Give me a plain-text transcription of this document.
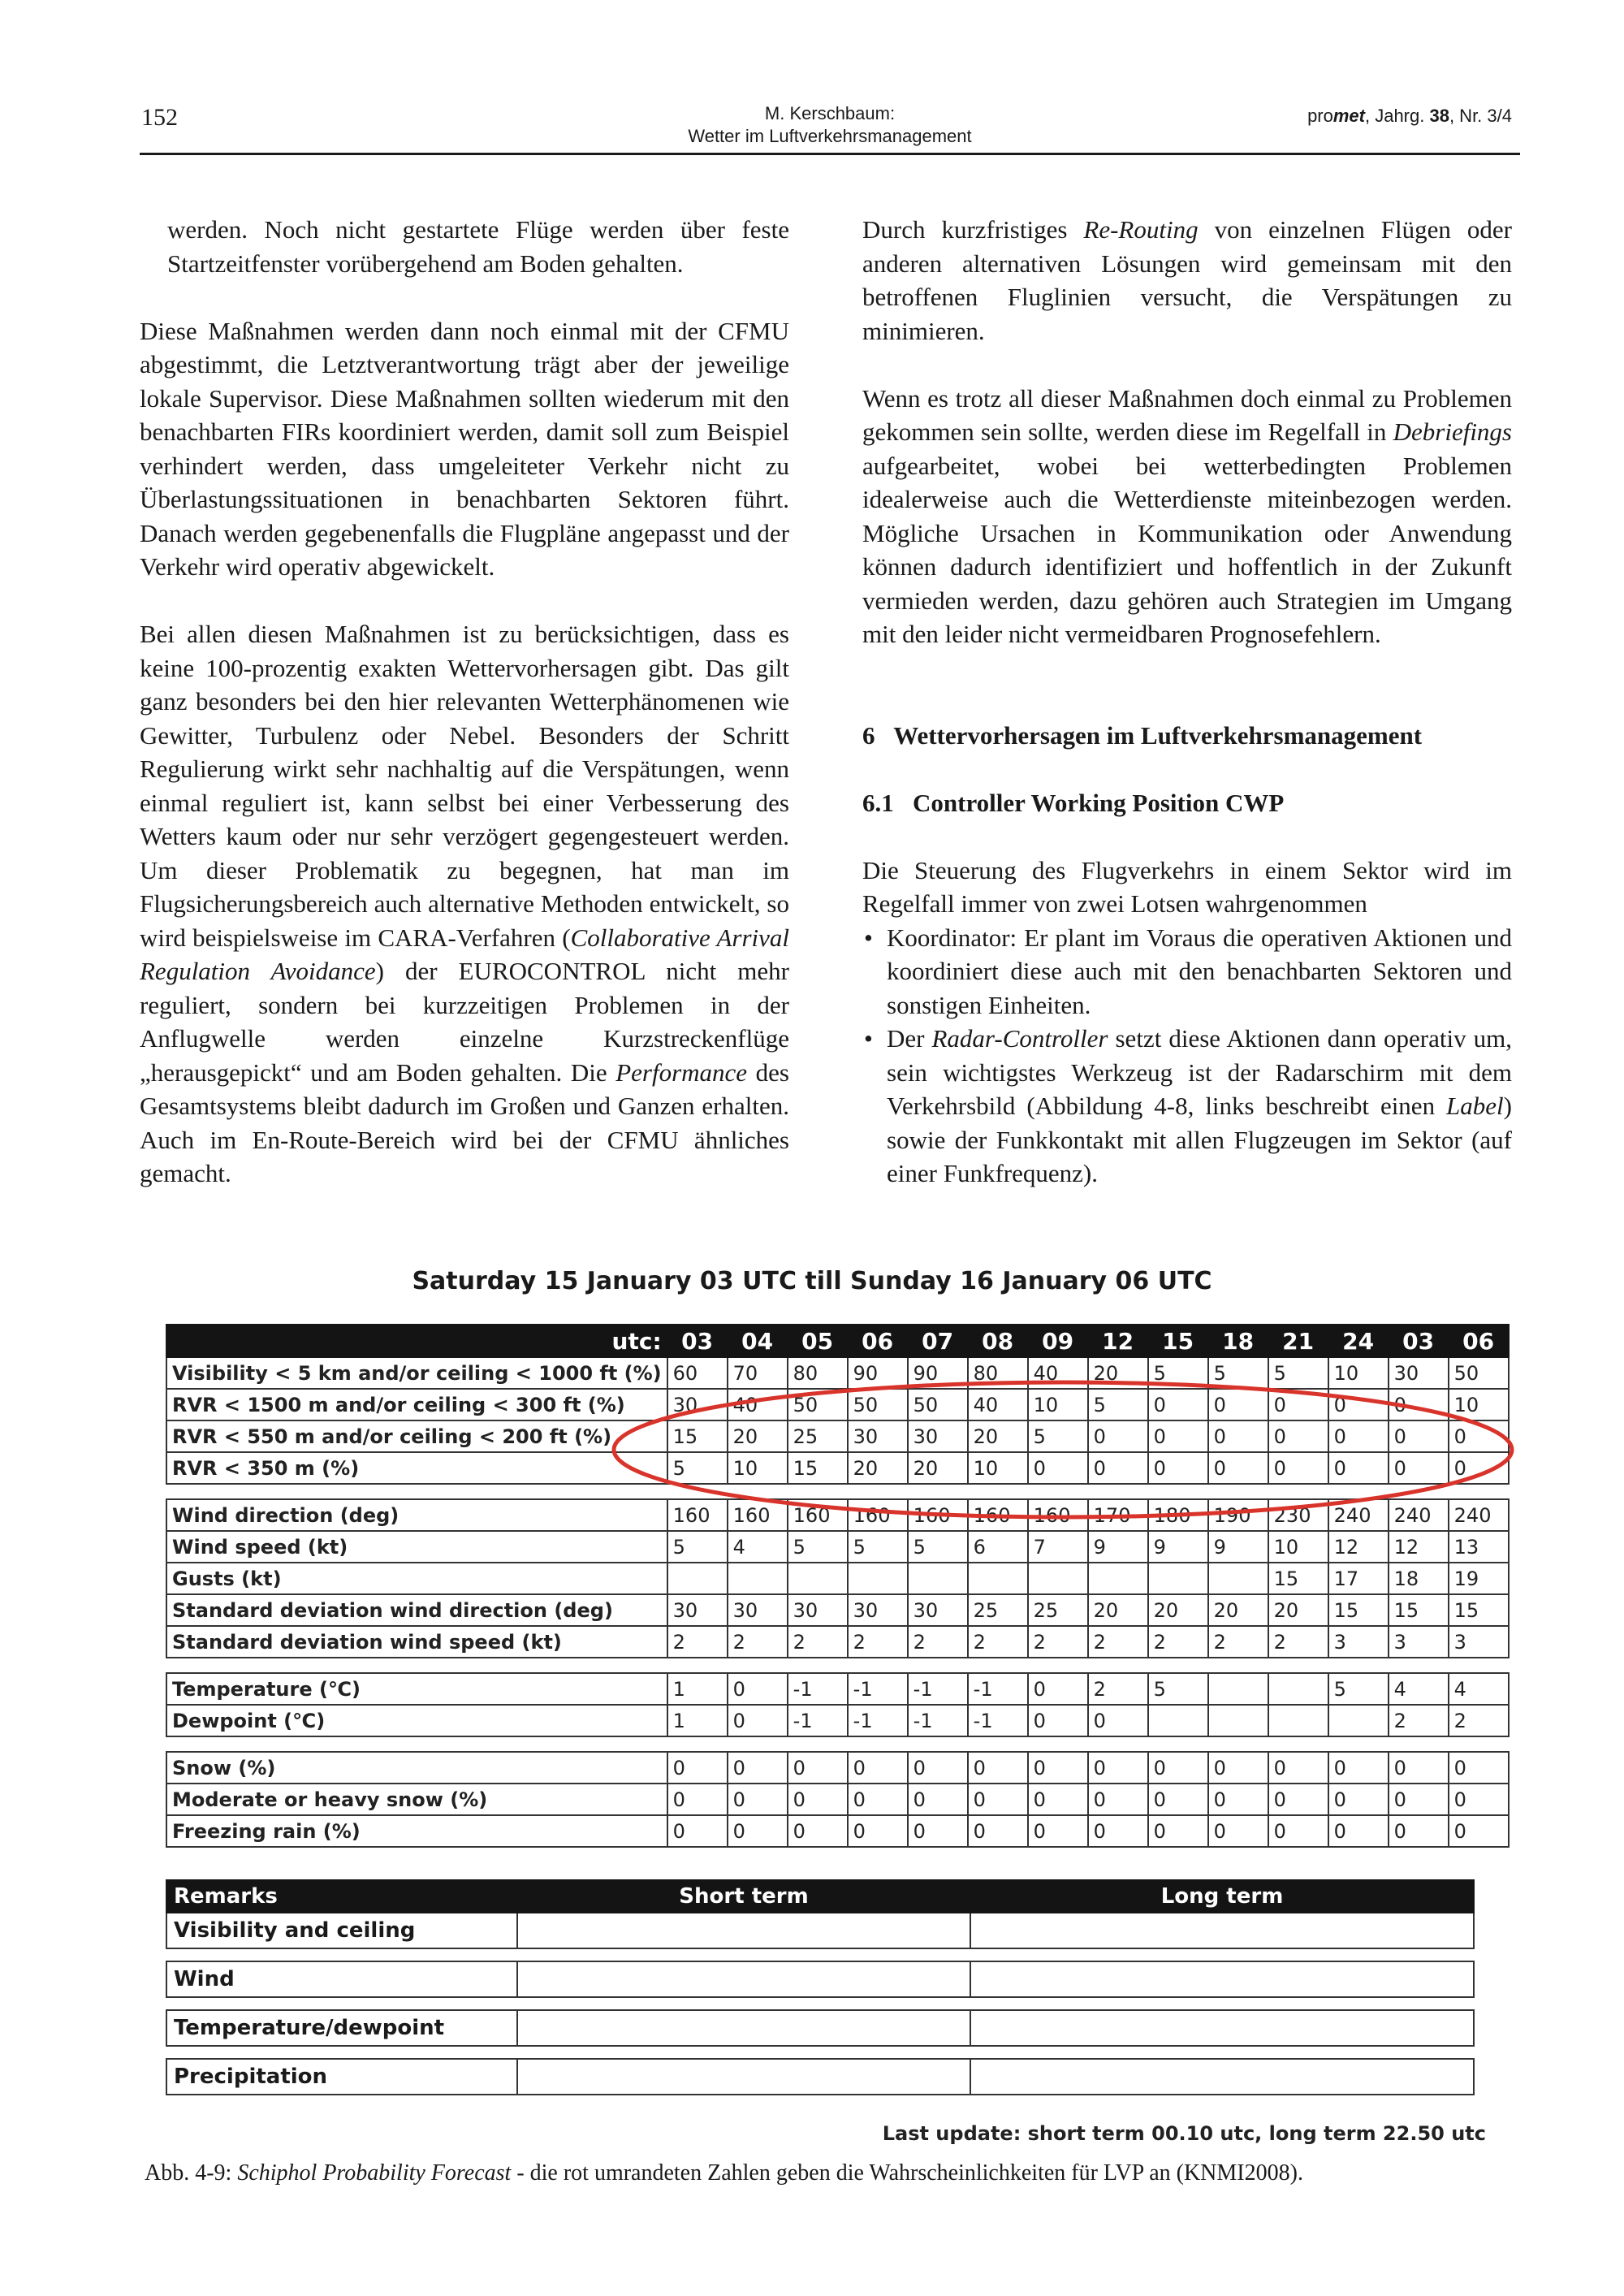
152	M. Kerschbaum:
Wetter im Luftverkehrsmanagement
promet, Jahrg. 38, Nr. 3/4

werden. Noch nicht gestartete Flüge werden über feste Startzeitfenster vorübergehend am Boden gehalten.

Diese Maßnahmen werden dann noch einmal mit der CFMU abgestimmt, die Letztverantwortung trägt aber der jeweilige lokale Supervisor. Diese Maßnahmen sollten wiederum mit den benachbarten FIRs koordiniert werden, damit soll zum Beispiel verhindert werden, dass umgeleiteter Verkehr nicht zu Überlastungssituationen in benachbarten Sektoren führt. Danach werden gegebenenfalls die Flugpläne angepasst und der Verkehr wird operativ abgewickelt.

Bei allen diesen Maßnahmen ist zu berücksichtigen, dass es keine 100-prozentig exakten Wettervorhersagen gibt. Das gilt ganz besonders bei den hier relevanten Wetterphänomenen wie Gewitter, Turbulenz oder Nebel. Besonders der Schritt Regulierung wirkt sehr nachhaltig auf die Verspätungen, wenn einmal reguliert ist, kann selbst bei einer Verbesserung des Wetters kaum oder nur sehr verzögert gegengesteuert werden. Um dieser Problematik zu begegnen, hat man im Flugsicherungsbereich auch alternative Methoden entwickelt, so wird beispielsweise im CARA-Verfahren (Collaborative Arrival Regulation Avoidance) der EUROCONTROL nicht mehr reguliert, sondern bei kurzzeitigen Problemen in der Anflugwelle werden einzelne Kurzstreckenflüge „herausgepickt“ und am Boden gehalten. Die Performance des Gesamtsystems bleibt dadurch im Großen und Ganzen erhalten. Auch im En-Route-Bereich wird bei der CFMU ähnliches gemacht.

Durch kurzfristiges Re-Routing von einzelnen Flügen oder anderen alternativen Lösungen wird gemeinsam mit den betroffenen Fluglinien versucht, die Verspätungen zu minimieren.

Wenn es trotz all dieser Maßnahmen doch einmal zu Problemen gekommen sein sollte, werden diese im Regelfall in Debriefings aufgearbeitet, wobei bei wetterbedingten Problemen idealerweise auch die Wetterdienste miteinbezogen werden. Mögliche Ursachen in Kommunikation oder Anwendung können dadurch identifiziert und hoffentlich in der Zukunft vermieden werden, dazu gehören auch Strategien im Umgang mit den leider nicht vermeidbaren Prognosefehlern.

6   Wettervorhersagen im Luftverkehrsmanagement
6.1   Controller Working Position CWP

Die Steuerung des Flugverkehrs in einem Sektor wird im Regelfall immer von zwei Lotsen wahrgenommen

• Koordinator: Er plant im Voraus die operativen Aktionen und koordiniert diese auch mit den benachbarten Sektoren und sonstigen Einheiten.
• Der Radar-Controller setzt diese Aktionen dann operativ um, sein wichtigstes Werkzeug ist der Radarschirm mit dem Verkehrsbild (Abbildung 4-8, links beschreibt einen Label) sowie der Funkkontakt mit allen Flugzeugen im Sektor (auf einer Funkfrequenz).
Saturday 15 January 03 UTC till Sunday 16 January 06 UTC
utc:	03	04	05	06	07	08	09	12	15	18	21	24	03	06
Visibility < 5 km and/or ceiling < 1000 ft (%)	60	70	80	90	90	80	40	20	5	5	5	10	30	50
RVR < 1500 m and/or ceiling < 300 ft (%)	30	40	50	50	50	40	10	5	0	0	0	0	0	10
RVR < 550 m and/or ceiling < 200 ft (%)	15	20	25	30	30	20	5	0	0	0	0	0	0	0
RVR < 350 m (%)	5	10	15	20	20	10	0	0	0	0	0	0	0	0

Wind direction (deg)	160	160	160	160	160	160	160	170	180	190	230	240	240	240
Wind speed (kt)	5	4	5	5	5	6	7	9	9	9	10	12	12	13
Gusts (kt)											15	17	18	19
Standard deviation wind direction (deg)	30	30	30	30	30	25	25	20	20	20	20	15	15	15
Standard deviation wind speed (kt)	2	2	2	2	2	2	2	2	2	2	2	3	3	3

Temperature (℃)	1	0	-1	-1	-1	-1	0	2	5			5	4	4
Dewpoint (℃)	1	0	-1	-1	-1	-1	0	0					2	2

Snow (%)	0	0	0	0	0	0	0	0	0	0	0	0	0	0
Moderate or heavy snow (%)	0	0	0	0	0	0	0	0	0	0	0	0	0	0
Freezing rain (%)	0	0	0	0	0	0	0	0	0	0	0	0	0	0
Remarks	Short term	Long term
Visibility and ceiling		

Wind		

Temperature/dewpoint		

Precipitation		
Last update: short term 00.10 utc, long term 22.50 utc
Abb. 4-9: Schiphol Probability Forecast - die rot umrandeten Zahlen geben die Wahrscheinlichkeiten für LVP an (KNMI2008).
